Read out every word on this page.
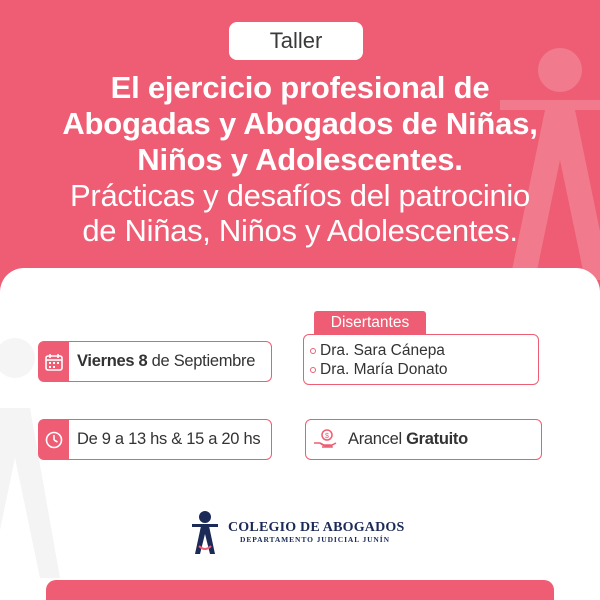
Taller
El ejercicio profesional de
Abogadas y Abogados de Niñas,
Niños y Adolescentes.
Prácticas y desafíos del patrocinio
de Niñas, Niños y Adolescentes.
Viernes 8 de Septiembre
De 9 a 13 hs & 15 a 20 hs
Disertantes
Dra. Sara Cánepa
Dra. María Donato
$ Arancel Gratuito
COLEGIO DE ABOGADOS
DEPARTAMENTO JUDICIAL JUNÍN
